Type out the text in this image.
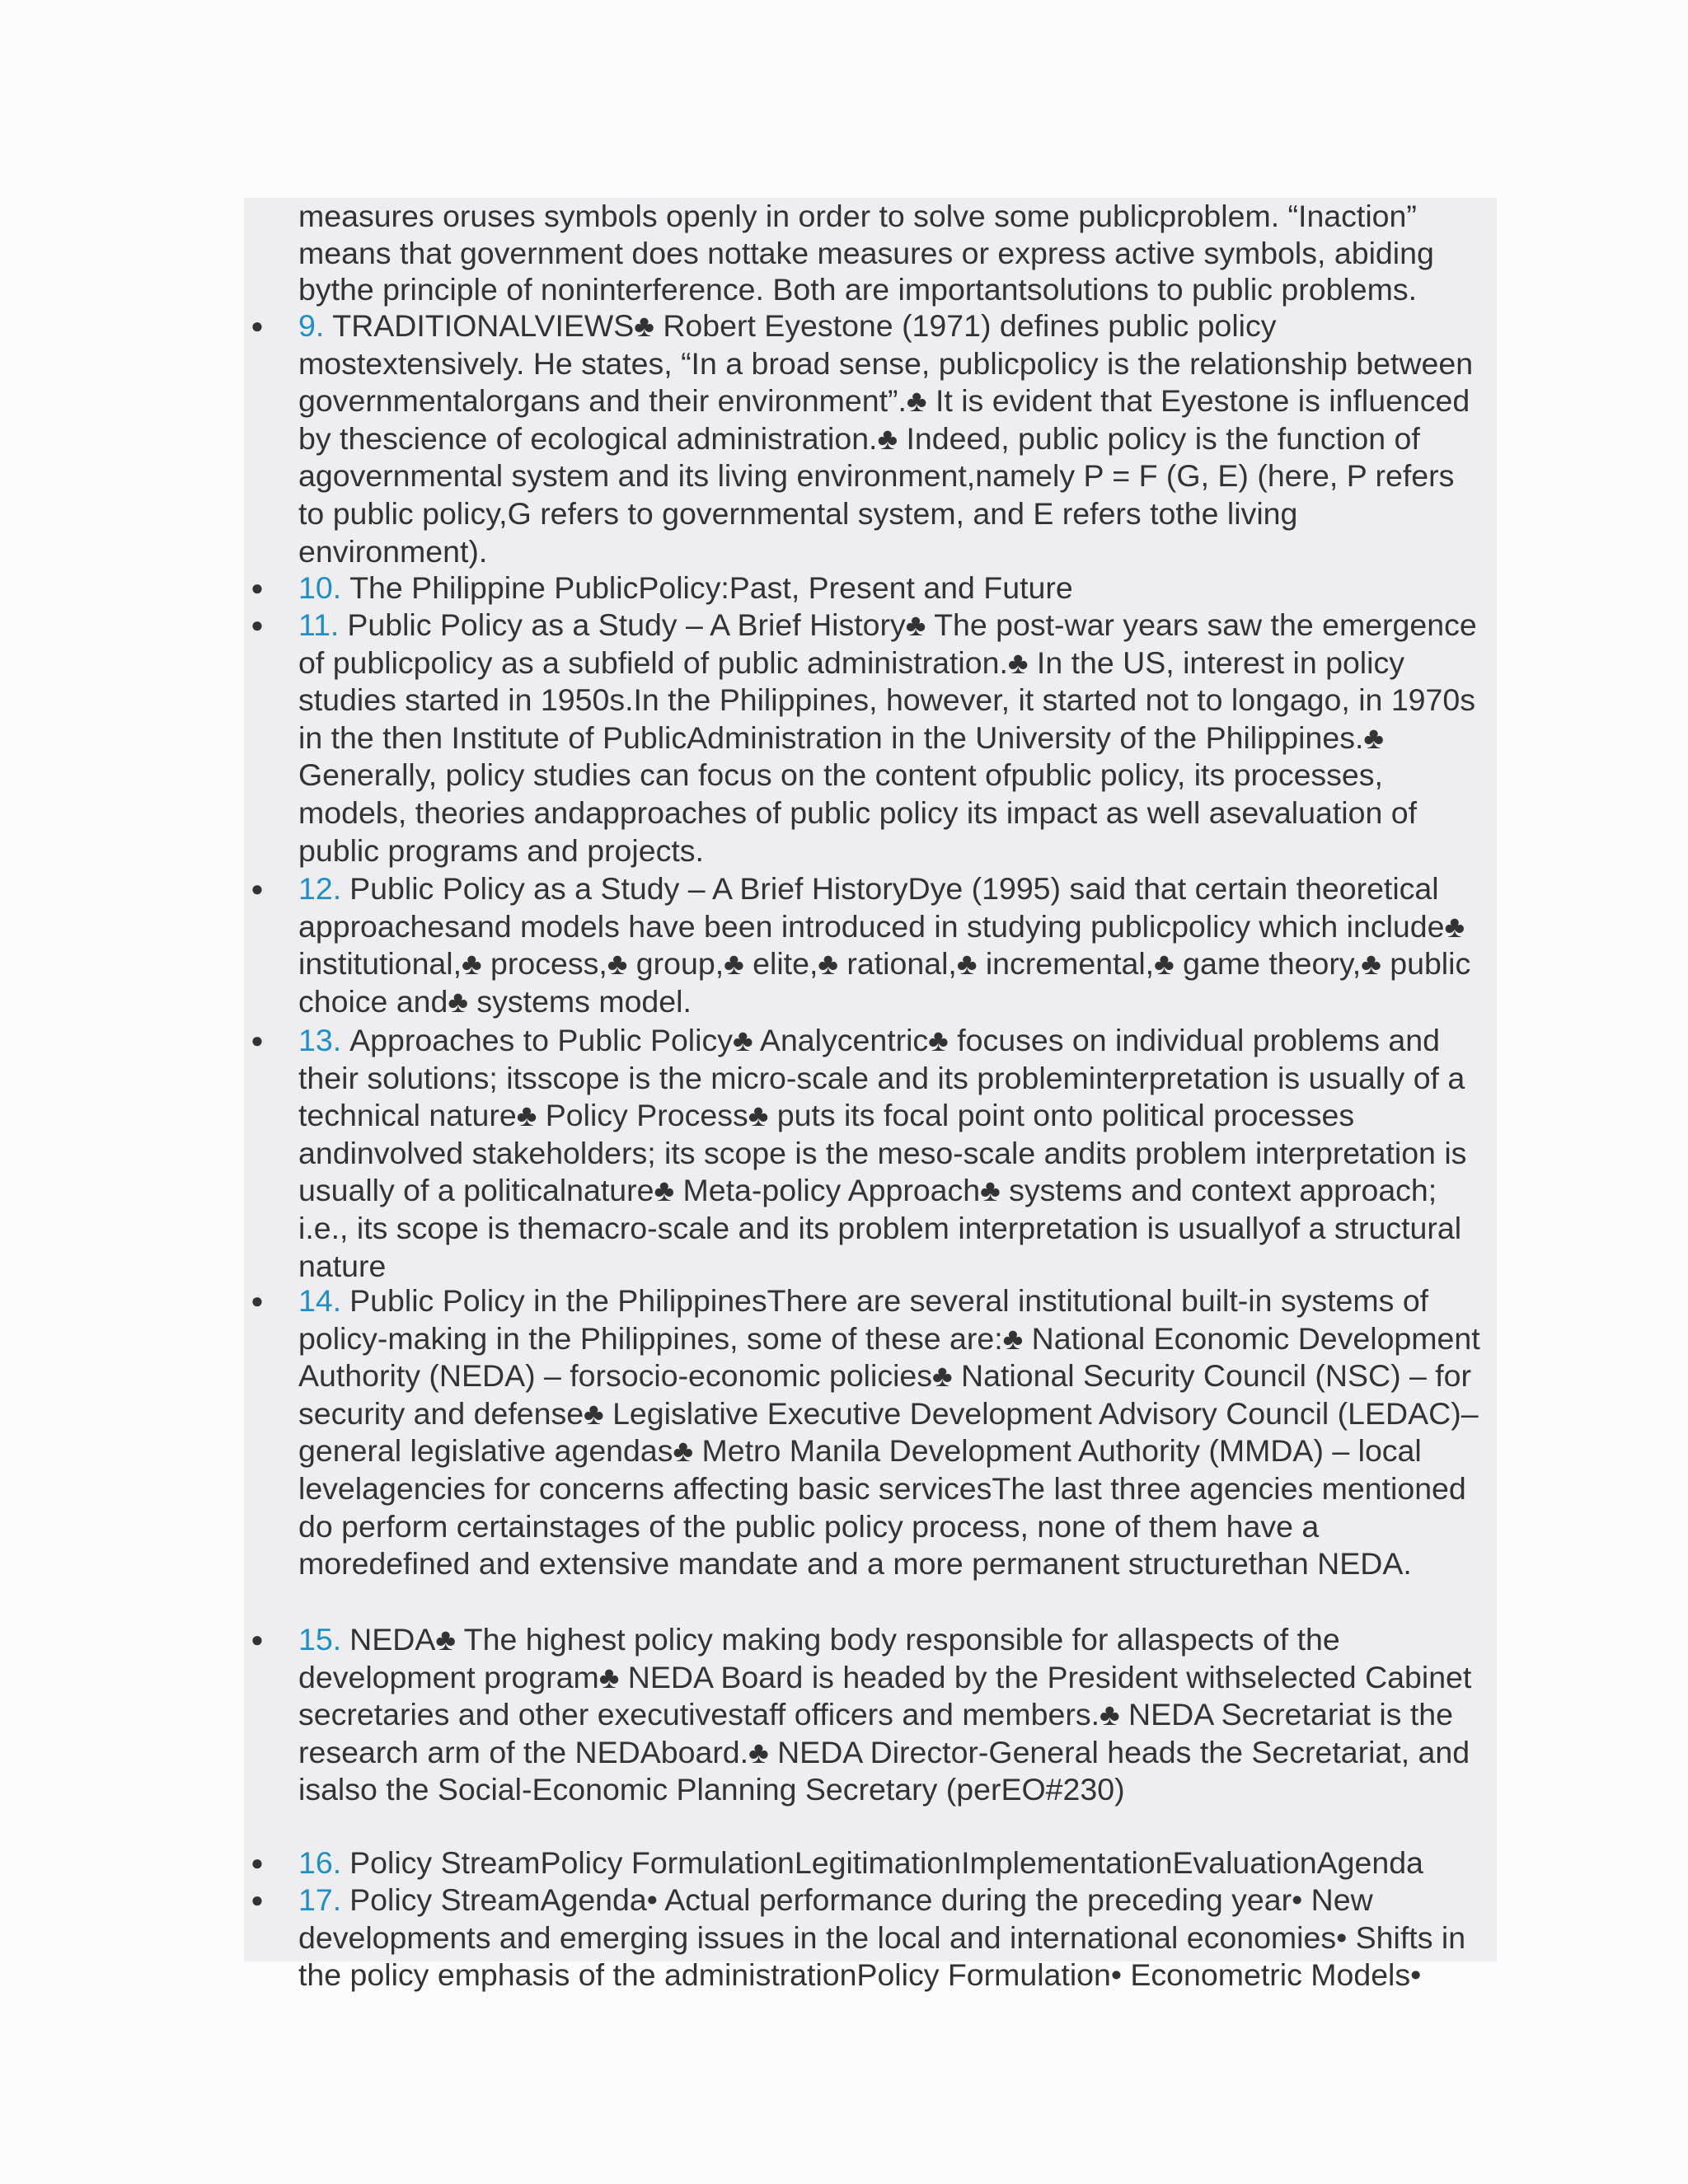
measures oruses symbols openly in order to solve some publicproblem. “Inaction” means that government does nottake measures or express active symbols, abiding bythe principle of noninterference. Both are importantsolutions to public problems.

● 9. TRADITIONALVIEWS♣ Robert Eyestone (1971) defines public policy mostextensively. He states, “In a broad sense, publicpolicy is the relationship between governmentalorgans and their environment”.♣ It is evident that Eyestone is influenced by thescience of ecological administration.♣ Indeed, public policy is the function of agovernmental system and its living environment,namely P = F (G, E) (here, P refers to public policy,G refers to governmental system, and E refers tothe living environment).
● 10. The Philippine PublicPolicy:Past, Present and Future
● 11. Public Policy as a Study – A Brief History♣ The post-war years saw the emergence of publicpolicy as a subfield of public administration.♣ In the US, interest in policy studies started in 1950s.In the Philippines, however, it started not to longago, in 1970s in the then Institute of PublicAdministration in the University of the Philippines.♣ Generally, policy studies can focus on the content ofpublic policy, its processes, models, theories andapproaches of public policy its impact as well asevaluation of public programs and projects.
● 12. Public Policy as a Study – A Brief HistoryDye (1995) said that certain theoretical approachesand models have been introduced in studying publicpolicy which include♣ institutional,♣ process,♣ group,♣ elite,♣ rational,♣ incremental,♣ game theory,♣ public choice and♣ systems model.
● 13. Approaches to Public Policy♣ Analycentric♣ focuses on individual problems and their solutions; itsscope is the micro-scale and its probleminterpretation is usually of a technical nature♣ Policy Process♣ puts its focal point onto political processes andinvolved stakeholders; its scope is the meso-scale andits problem interpretation is usually of a politicalnature♣ Meta-policy Approach♣ systems and context approach; i.e., its scope is themacro-scale and its problem interpretation is usuallyof a structural nature
● 14. Public Policy in the PhilippinesThere are several institutional built-in systems of policy-making in the Philippines, some of these are:♣ National Economic Development Authority (NEDA) – forsocio-economic policies♣ National Security Council (NSC) – for security and defense♣ Legislative Executive Development Advisory Council (LEDAC)– general legislative agendas♣ Metro Manila Development Authority (MMDA) – local levelagencies for concerns affecting basic servicesThe last three agencies mentioned do perform certainstages of the public policy process, none of them have a moredefined and extensive mandate and a more permanent structurethan NEDA.
● 15. NEDA♣ The highest policy making body responsible for allaspects of the development program♣ NEDA Board is headed by the President withselected Cabinet secretaries and other executivestaff officers and members.♣ NEDA Secretariat is the research arm of the NEDAboard.♣ NEDA Director-General heads the Secretariat, and isalso the Social-Economic Planning Secretary (perEO#230)
● 16. Policy StreamPolicy FormulationLegitimationImplementationEvaluationAgenda
● 17. Policy StreamAgenda• Actual performance during the preceding year• New developments and emerging issues in the local and international economies• Shifts in the policy emphasis of the administrationPolicy Formulation• Econometric Models•
